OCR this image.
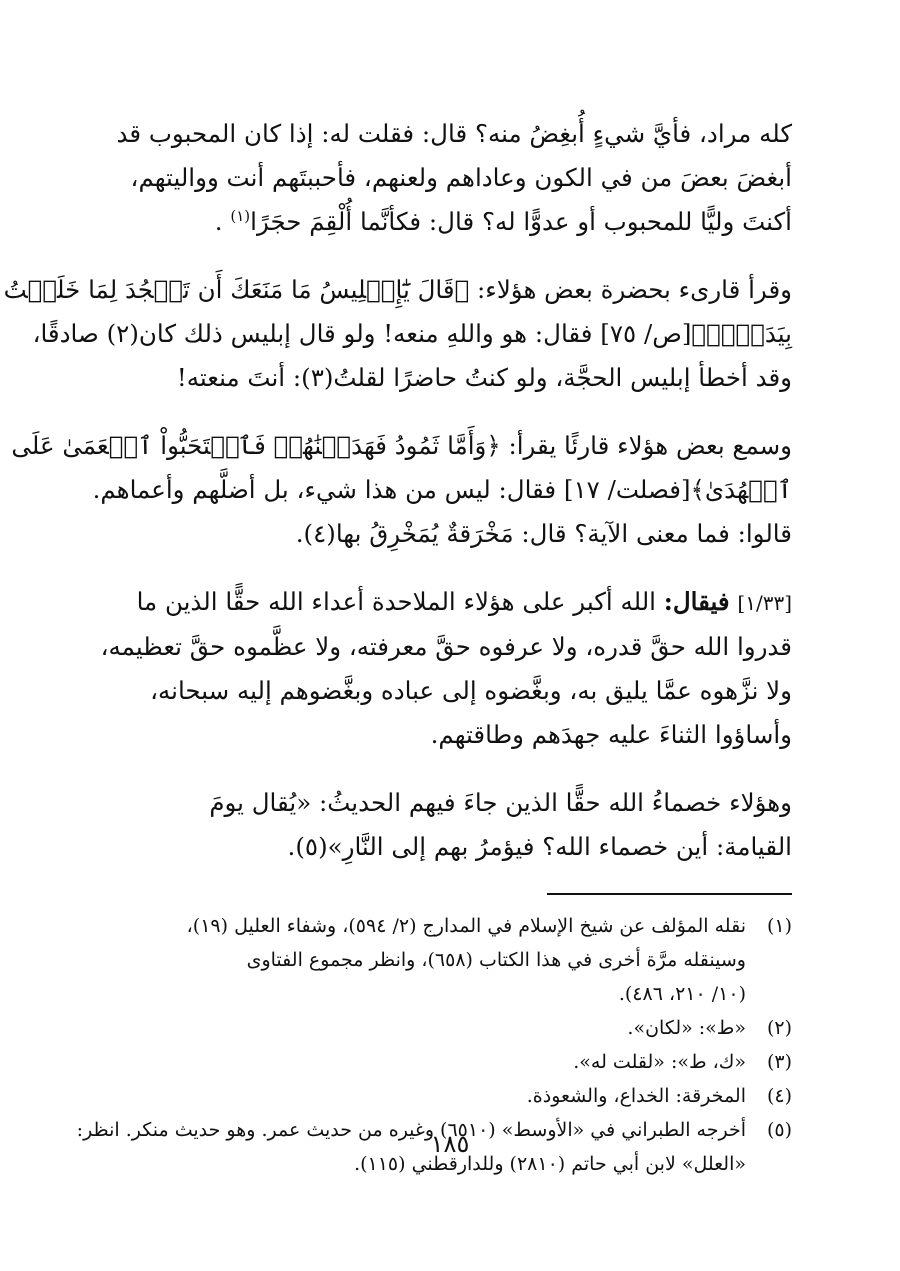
كله مراد، فأيَّ شيءٍ أُبغِضُ منه؟ قال: فقلت له: إذا كان المحبوب قد
أبغضَ بعضَ من في الكون وعاداهم ولعنهم، فأحببتَهم أنت وواليتهم،
أكنتَ وليًّا للمحبوب أو عدوًّا له؟ قال: فكأنَّما أُلْقِمَ حجَرًا$^{(١)}$ .
وقرأ قارىء بحضرة بعض هؤلاء: ﴿قَالَ يَٰٓإِبۡلِيسُ مَا مَنَعَكَ أَن تَسۡجُدَ لِمَا خَلَقۡتُ
بِيَدَيَّۖ﴾[ص/ ٧٥] فقال: هو واللهِ منعه! ولو قال إبليس ذلك كان(٢) صادقًا،
وقد أخطأ إبليس الحجَّة، ولو كنتُ حاضرًا لقلتُ(٣): أنتَ منعته!
وسمع بعض هؤلاء قارئًا يقرأ: ﴿وَأَمَّا ثَمُودُ فَهَدَيۡنَٰهُمۡ فَٱسۡتَحَبُّواْ ٱلۡعَمَىٰ عَلَى
ٱلۡهُدَىٰ﴾[فصلت/ ١٧] فقال: ليس من هذا شيء، بل أضلَّهم وأعماهم.
قالوا: فما معنى الآية؟ قال: مَخْرَقةٌ يُمَخْرِقُ بها(٤).
[١/٣٣] فيقال: الله أكبر على هؤلاء الملاحدة أعداء الله حقًّا الذين ما
قدروا الله حقَّ قدره، ولا عرفوه حقَّ معرفته، ولا عظَّموه حقَّ تعظيمه،
ولا نزَّهوه عمَّا يليق به، وبغَّضوه إلى عباده وبغَّضوهم إليه سبحانه،
وأساؤوا الثناءَ عليه جهدَهم وطاقتهم.
وهؤلاء خصماءُ الله حقًّا الذين جاءَ فيهم الحديثُ: «يُقال يومَ
القيامة: أين خصماء الله؟ فيؤمرُ بهم إلى النَّارِ»(٥).
(١)
نقله المؤلف عن شيخ الإسلام في المدارج (٢/ ٥٩٤)، وشفاء العليل (١٩)،
وسينقله مرَّة أخرى في هذا الكتاب (٦٥٨)، وانظر مجموع الفتاوى
(١٠/ ٢١٠، ٤٨٦).
(٢)
«ط»: «لكان».
(٣)
«ك، ط»: «لقلت له».
(٤)
المخرقة: الخداع، والشعوذة.
(٥)
أخرجه الطبراني في «الأوسط» (٦٥١٠) وغيره من حديث عمر. وهو حديث منكر. انظر:
«العلل» لابن أبي حاتم (٢٨١٠) وللدارقطني (١١٥).
١٨٥
